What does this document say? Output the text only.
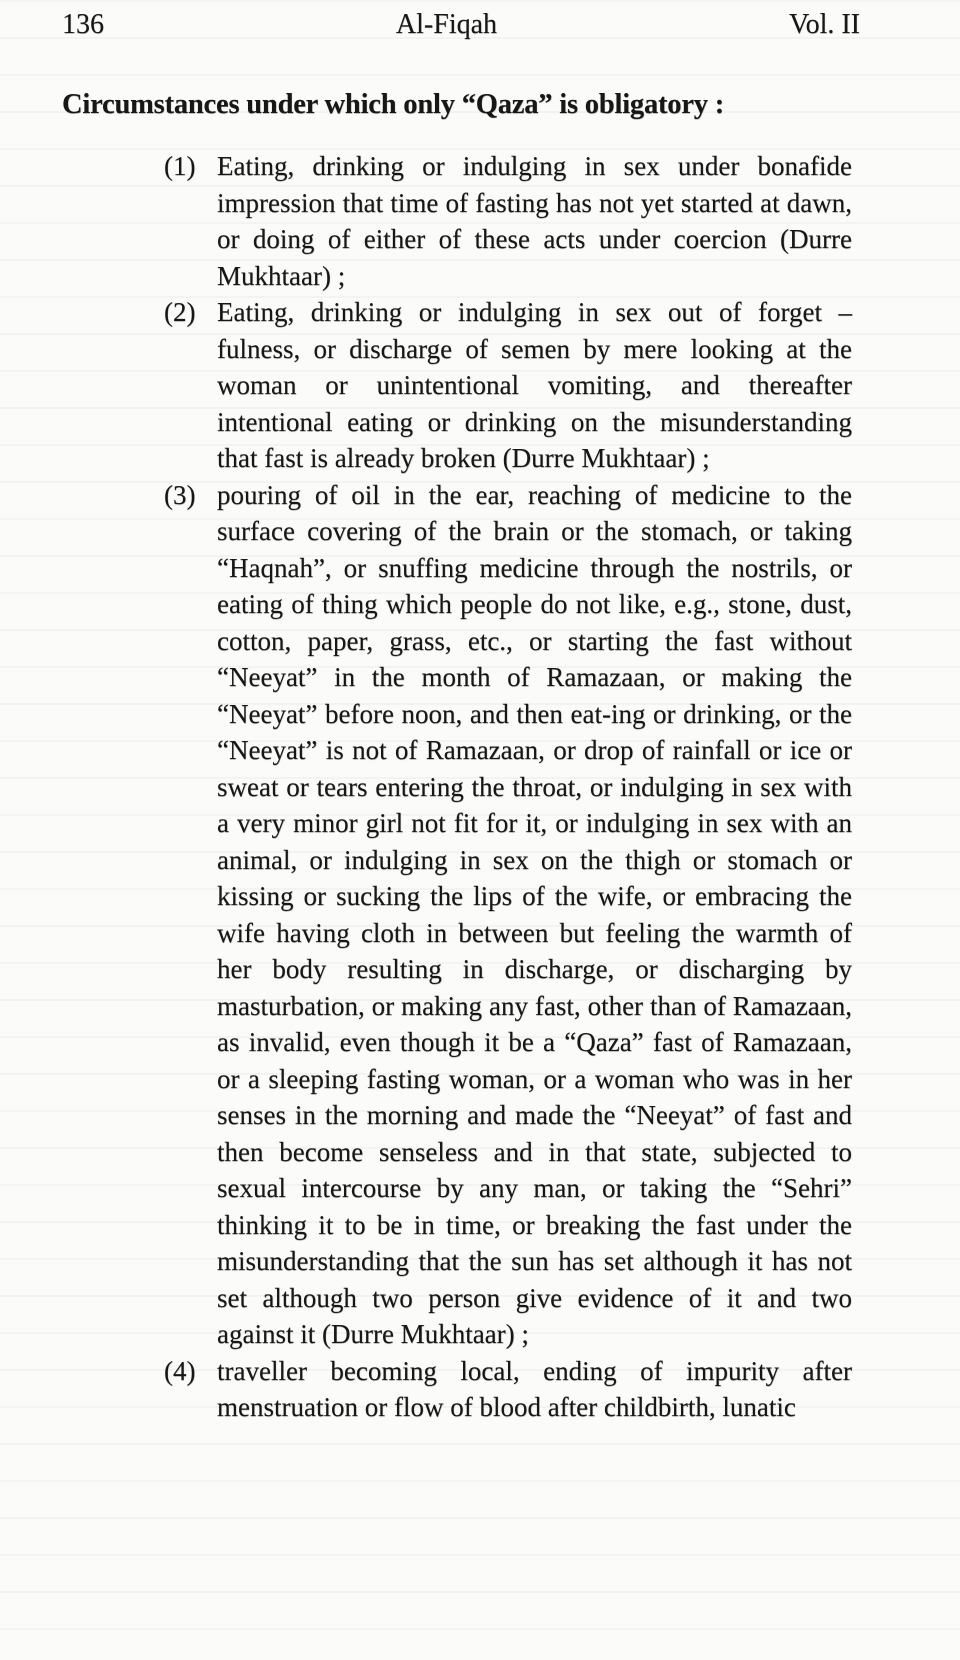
136	Al-Fiqah	Vol. II
Circumstances under which only “Qaza” is obligatory :
(1) Eating, drinking or indulging in sex under bonafide impression that time of fasting has not yet started at dawn, or doing of either of these acts under coercion (Durre Mukhtaar) ;
(2) Eating, drinking or indulging in sex out of forget – fulness, or discharge of semen by mere looking at the woman or unintentional vomiting, and thereafter intentional eating or drinking on the misunderstanding that fast is already broken (Durre Mukhtaar) ;
(3) pouring of oil in the ear, reaching of medicine to the surface covering of the brain or the stomach, or taking “Haqnah”, or snuffing medicine through the nostrils, or eating of thing which people do not like, e.g., stone, dust, cotton, paper, grass, etc., or starting the fast without “Neeyat” in the month of Ramazaan, or making the “Neeyat” before noon, and then eat-ing or drinking, or the “Neeyat” is not of Ramazaan, or drop of rainfall or ice or sweat or tears entering the throat, or indulging in sex with a very minor girl not fit for it, or indulging in sex with an animal, or indulging in sex on the thigh or stomach or kissing or sucking the lips of the wife, or embracing the wife having cloth in between but feeling the warmth of her body resulting in discharge, or discharging by masturbation, or making any fast, other than of Ramazaan, as invalid, even though it be a “Qaza” fast of Ramazaan, or a sleeping fasting woman, or a woman who was in her senses in the morning and made the “Neeyat” of fast and then become senseless and in that state, subjected to sexual intercourse by any man, or taking the “Sehri” thinking it to be in time, or breaking the fast under the misunderstanding that the sun has set although it has not set although two person give evidence of it and two against it (Durre Mukhtaar) ;
(4) traveller becoming local, ending of impurity after menstruation or flow of blood after childbirth, lunatic
